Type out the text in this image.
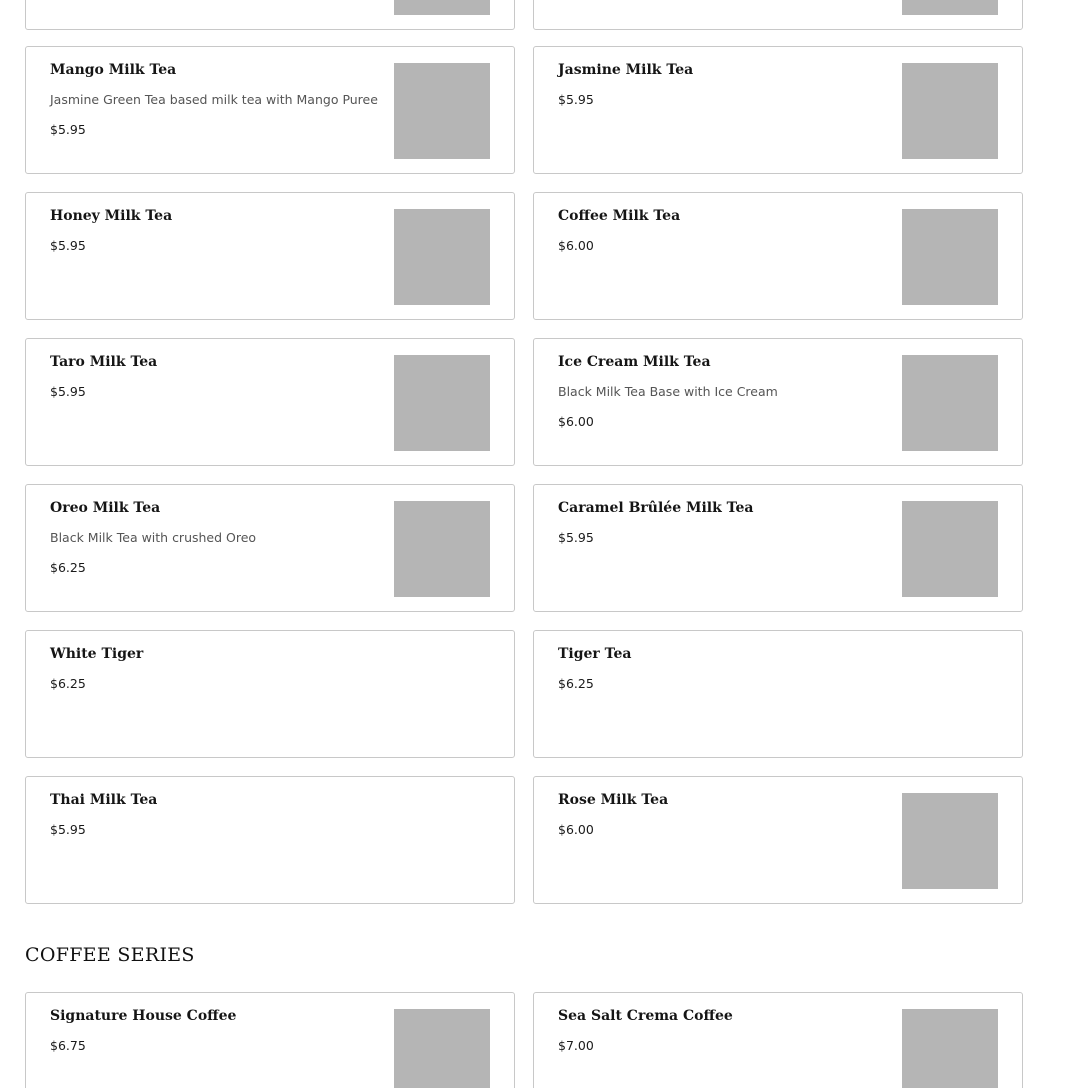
Mango Milk Tea
Jasmine Green Tea based milk tea with Mango Puree
$5.95
Jasmine Milk Tea
$5.95
Honey Milk Tea
$5.95
Coffee Milk Tea
$6.00
Taro Milk Tea
$5.95
Ice Cream Milk Tea
Black Milk Tea Base with Ice Cream
$6.00
Oreo Milk Tea
Black Milk Tea with crushed Oreo
$6.25
Caramel Brûlée Milk Tea
$5.95
White Tiger
$6.25
Tiger Tea
$6.25
Thai Milk Tea
$5.95
Rose Milk Tea
$6.00
COFFEE SERIES
Signature House Coffee
$6.75
Sea Salt Crema Coffee
$7.00
